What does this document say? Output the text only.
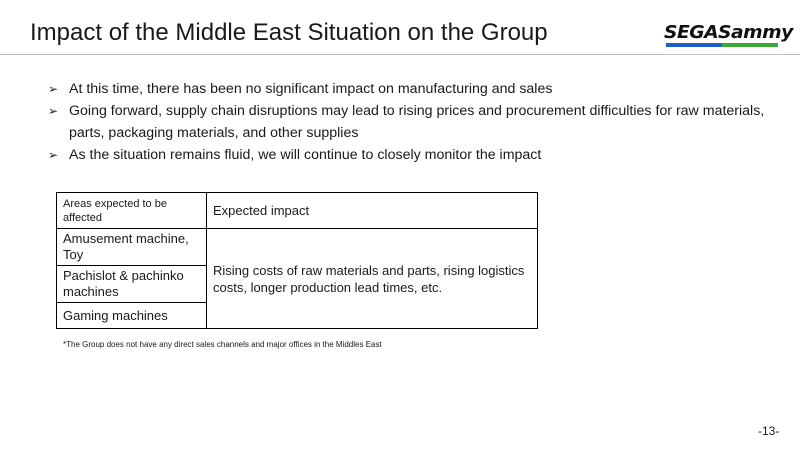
Impact of the Middle East Situation on the Group	SEGASammy
➢ At this time, there has been no significant impact on manufacturing and sales
➢ Going forward, supply chain disruptions may lead to rising prices and procurement difficulties for raw materials, parts, packaging materials, and other supplies
➢ As the situation remains fluid, we will continue to closely monitor the impact
Areas expected to be affected	Expected impact
Amusement machine, Toy	Rising costs of raw materials and parts, rising logistics costs, longer production lead times, etc.
Pachislot & pachinko machines	
Gaming machines	
*The Group does not have any direct sales channels and major offices in the Middles East
-13-
